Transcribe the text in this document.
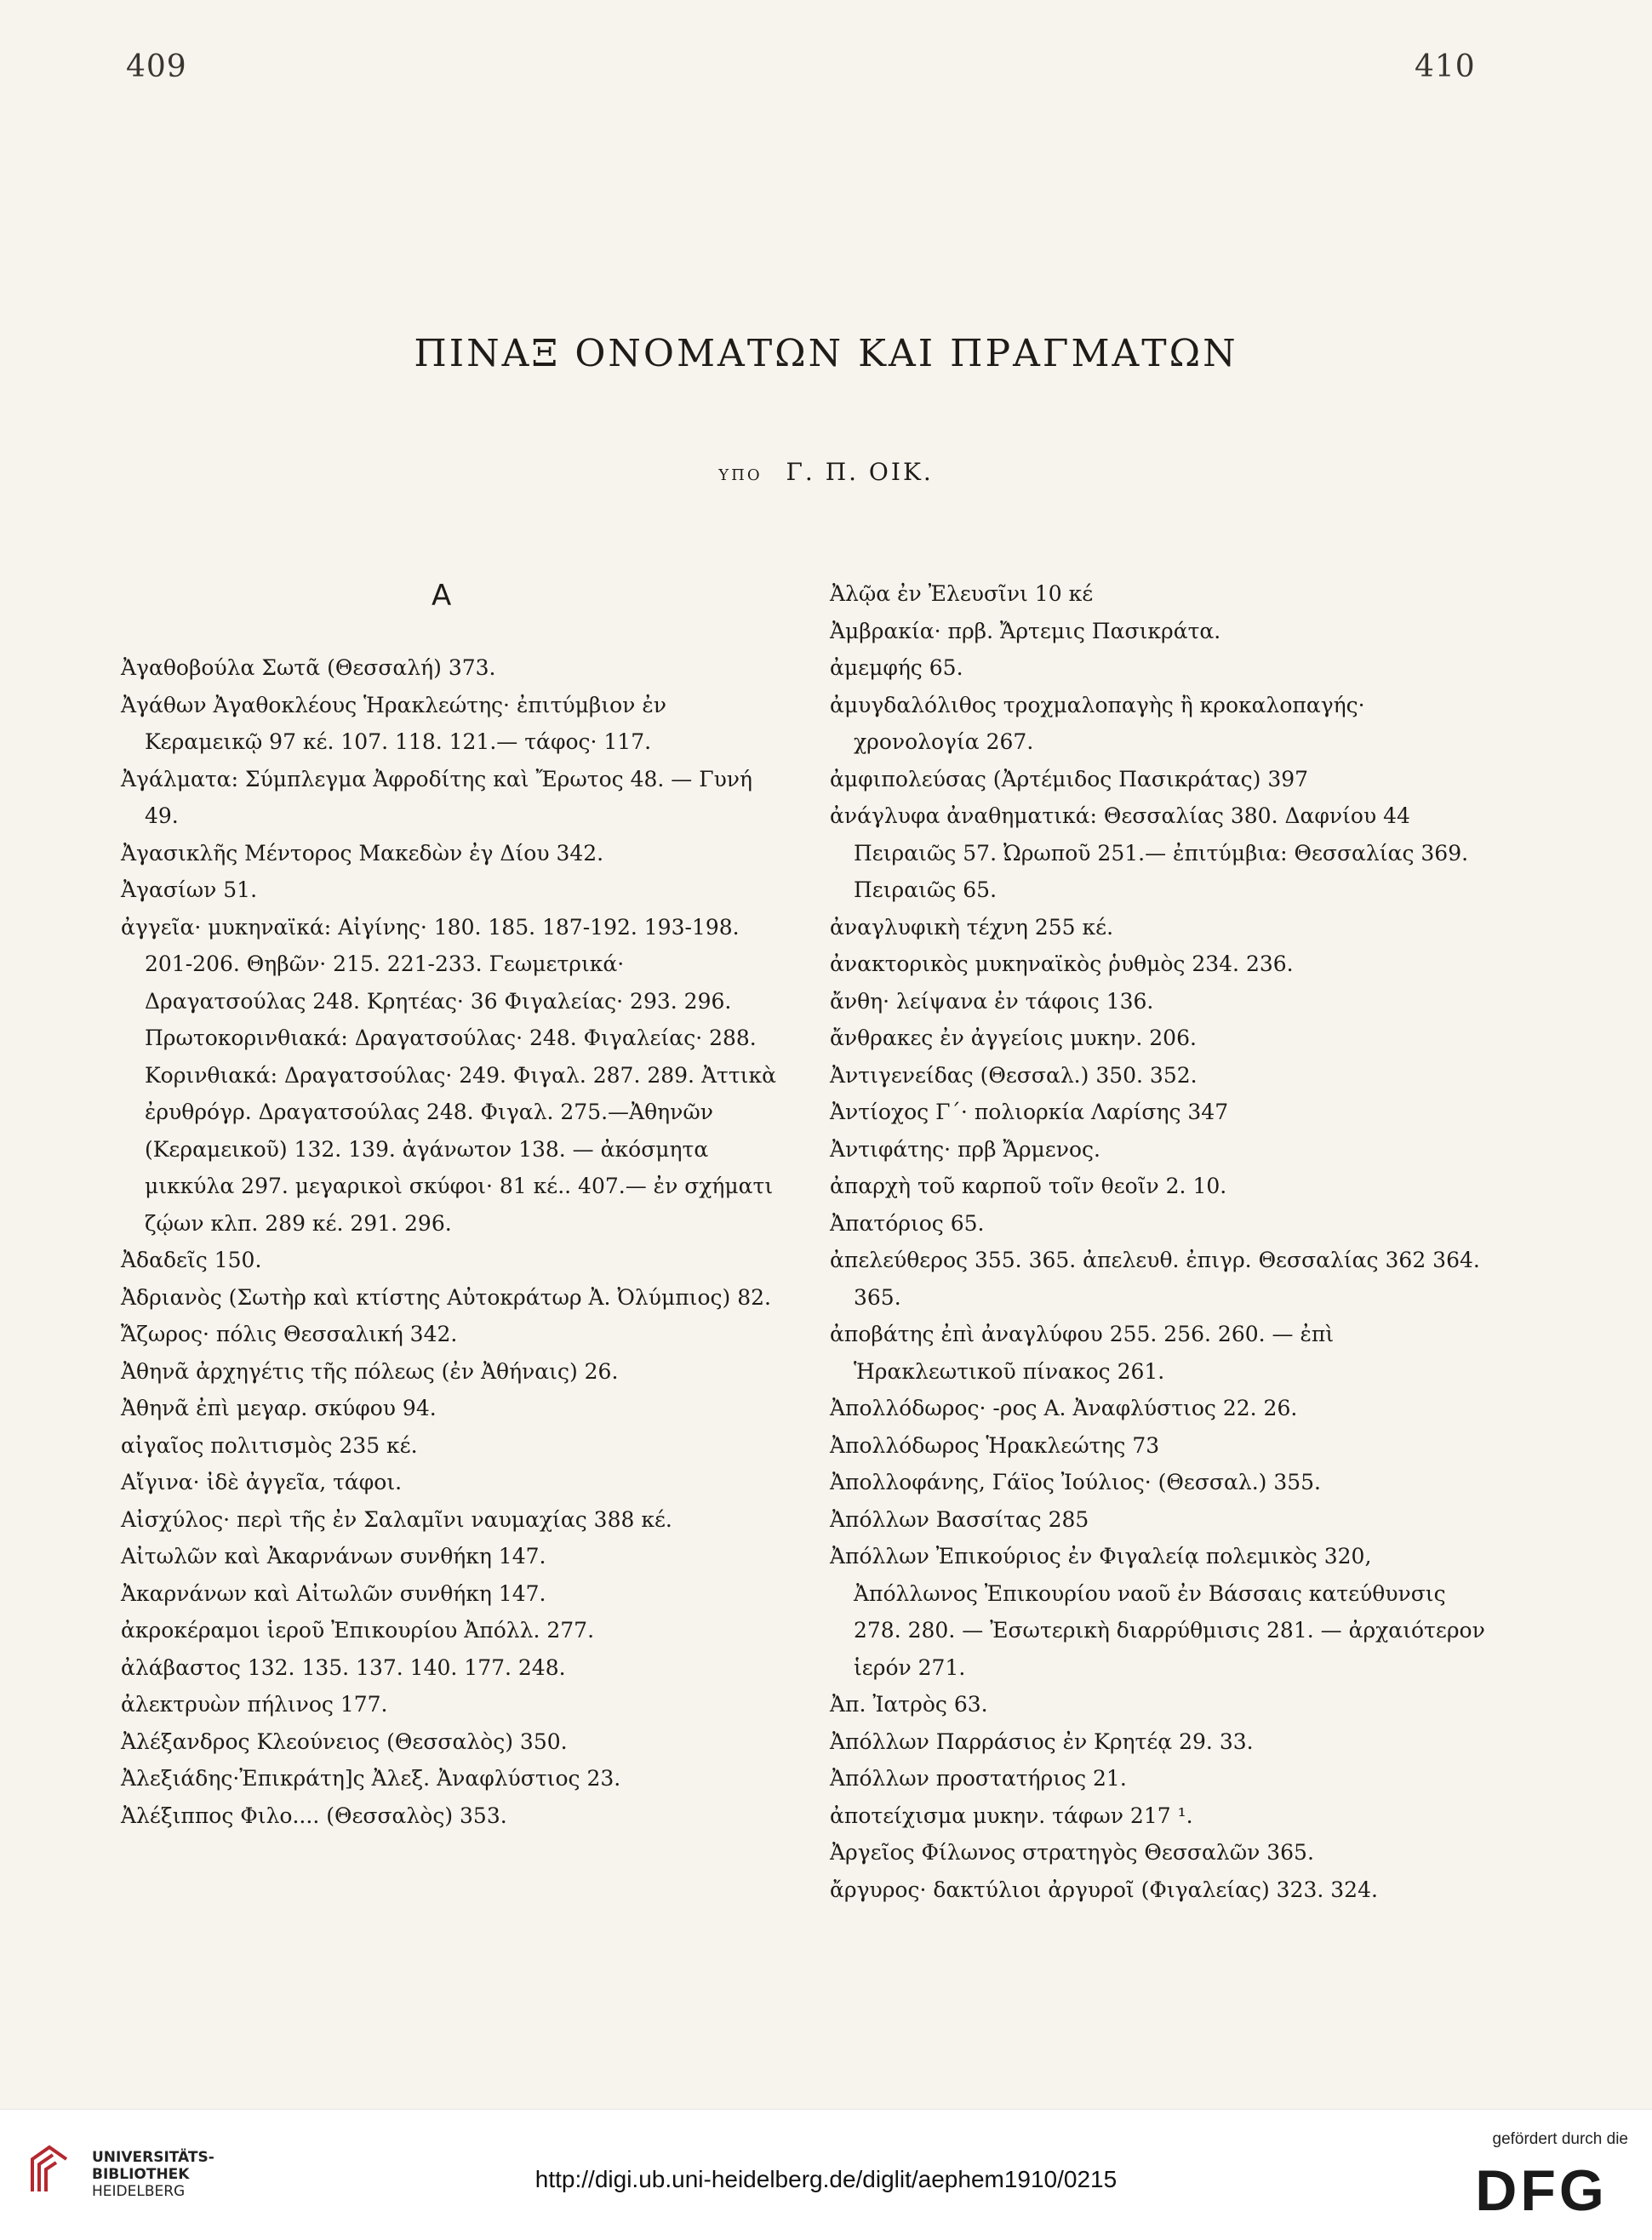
409	410
ΠΙΝΑΞ ΟΝΟΜΑΤΩΝ ΚΑΙ ΠΡΑΓΜΑΤΩΝ
ΥΠΟ Γ. Π. ΟΙΚ.
Α
Ἀγαθοβούλα Σωτᾶ (Θεσσαλή) 373.
Ἀγάθων Ἀγαθοκλέους Ἡρακλεώτης· ἐπιτύμβιον ἐν Κεραμεικῷ 97 κέ. 107. 118. 121.— τάφος· 117.
Ἀγάλματα: Σύμπλεγμα Ἀφροδίτης καὶ Ἔρωτος 48. — Γυνή 49.
Ἀγασικλῆς Μέντορος Μακεδὼν ἐγ Δίου 342.
Ἀγασίων 51.
ἀγγεῖα· μυκηναϊκά: Αἰγίνης· 180. 185. 187-192. 193-198. 201-206. Θηβῶν· 215. 221-233. Γεωμετρικά· Δραγατσούλας 248. Κρητέας· 36 Φιγαλείας· 293. 296. Πρωτοκορινθιακά: Δραγατσούλας· 248. Φιγαλείας· 288. Κορινθιακά: Δραγατσούλας· 249. Φιγαλ. 287. 289. Ἀττικὰ ἐρυθρόγρ. Δραγατσούλας 248. Φιγαλ. 275.—Ἀθηνῶν (Κεραμεικοῦ) 132. 139. ἀγάνωτον 138. — ἀκόσμητα μικκύλα 297. μεγαρικοὶ σκύφοι· 81 κέ.. 407.— ἐν σχήματι ζῴων κλπ. 289 κέ. 291. 296.
Ἀδαδεῖς 150.
Ἀδριανὸς (Σωτὴρ καὶ κτίστης Αὐτοκράτωρ Ἀ. Ὀλύμπιος) 82.
Ἄζωρος· πόλις Θεσσαλική 342.
Ἀθηνᾶ ἀρχηγέτις τῆς πόλεως (ἐν Ἀθήναις) 26.
Ἀθηνᾶ ἐπὶ μεγαρ. σκύφου 94.
αἰγαῖος πολιτισμὸς 235 κέ.
Αἴγινα· ἰδὲ ἀγγεῖα, τάφοι.
Αἰσχύλος· περὶ τῆς ἐν Σαλαμῖνι ναυμαχίας 388 κέ.
Αἰτωλῶν καὶ Ἀκαρνάνων συνθήκη 147.
Ἀκαρνάνων καὶ Αἰτωλῶν συνθήκη 147.
ἀκροκέραμοι ἱεροῦ Ἐπικουρίου Ἀπόλλ. 277.
ἀλάβαστος 132. 135. 137. 140. 177. 248.
ἀλεκτρυὼν πήλινος 177.
Ἀλέξανδρος Κλεούνειος (Θεσσαλὸς) 350.
Ἀλεξιάδης·Ἐπικράτη]ς Ἀλεξ. Ἀναφλύστιος 23.
Ἀλέξιππος Φιλο.... (Θεσσαλὸς) 353.
Ἀλῷα ἐν Ἐλευσῖνι 10 κέ
Ἀμβρακία· πρβ. Ἄρτεμις Πασικράτα.
ἀμεμφής 65.
ἀμυγδαλόλιθος τροχμαλοπαγὴς ἢ κροκαλοπαγής· χρονολογία 267.
ἀμφιπολεύσας (Ἀρτέμιδος Πασικράτας) 397
ἀνάγλυφα ἀναθηματικά: Θεσσαλίας 380. Δαφνίου 44 Πειραιῶς 57. Ὠρωποῦ 251.— ἐπιτύμβια: Θεσσαλίας 369. Πειραιῶς 65.
ἀναγλυφικὴ τέχνη 255 κέ.
ἀνακτορικὸς μυκηναϊκὸς ῥυθμὸς 234. 236.
ἄνθη· λείψανα ἐν τάφοις 136.
ἄνθρακες ἐν ἀγγείοις μυκην. 206.
Ἀντιγενείδας (Θεσσαλ.) 350. 352.
Ἀντίοχος Γ΄· πολιορκία Λαρίσης 347
Ἀντιφάτης· πρβ Ἄρμενος.
ἀπαρχὴ τοῦ καρποῦ τοῖν θεοῖν 2. 10.
Ἀπατόριος 65.
ἀπελεύθερος 355. 365. ἀπελευθ. ἐπιγρ. Θεσσαλίας 362 364. 365.
ἀποβάτης ἐπὶ ἀναγλύφου 255. 256. 260. — ἐπὶ Ἡρακλεωτικοῦ πίνακος 261.
Ἀπολλόδωρος· -ρος Α. Ἀναφλύστιος 22. 26.
Ἀπολλόδωρος Ἡρακλεώτης 73
Ἀπολλοφάνης, Γάϊος Ἰούλιος· (Θεσσαλ.) 355.
Ἀπόλλων Βασσίτας 285
Ἀπόλλων Ἐπικούριος ἐν Φιγαλείᾳ πολεμικὸς 320, Ἀπόλλωνος Ἐπικουρίου ναοῦ ἐν Βάσσαις κατεύθυνσις 278. 280. — Ἐσωτερικὴ διαρρύθμισις 281. — ἀρχαιότερον ἱερόν 271.
Ἀπ. Ἰατρὸς 63.
Ἀπόλλων Παρράσιος ἐν Κρητέᾳ 29. 33.
Ἀπόλλων προστατήριος 21.
ἀποτείχισμα μυκην. τάφων 217 ¹.
Ἀργεῖος Φίλωνος στρατηγὸς Θεσσαλῶν 365.
ἄργυρος· δακτύλιοι ἀργυροῖ (Φιγαλείας) 323. 324.
UNIVERSITÄTS-
BIBLIOTHEK
HEIDELBERG	http://digi.ub.uni-heidelberg.de/diglit/aephem1910/0215
gefördert durch die
DFG
